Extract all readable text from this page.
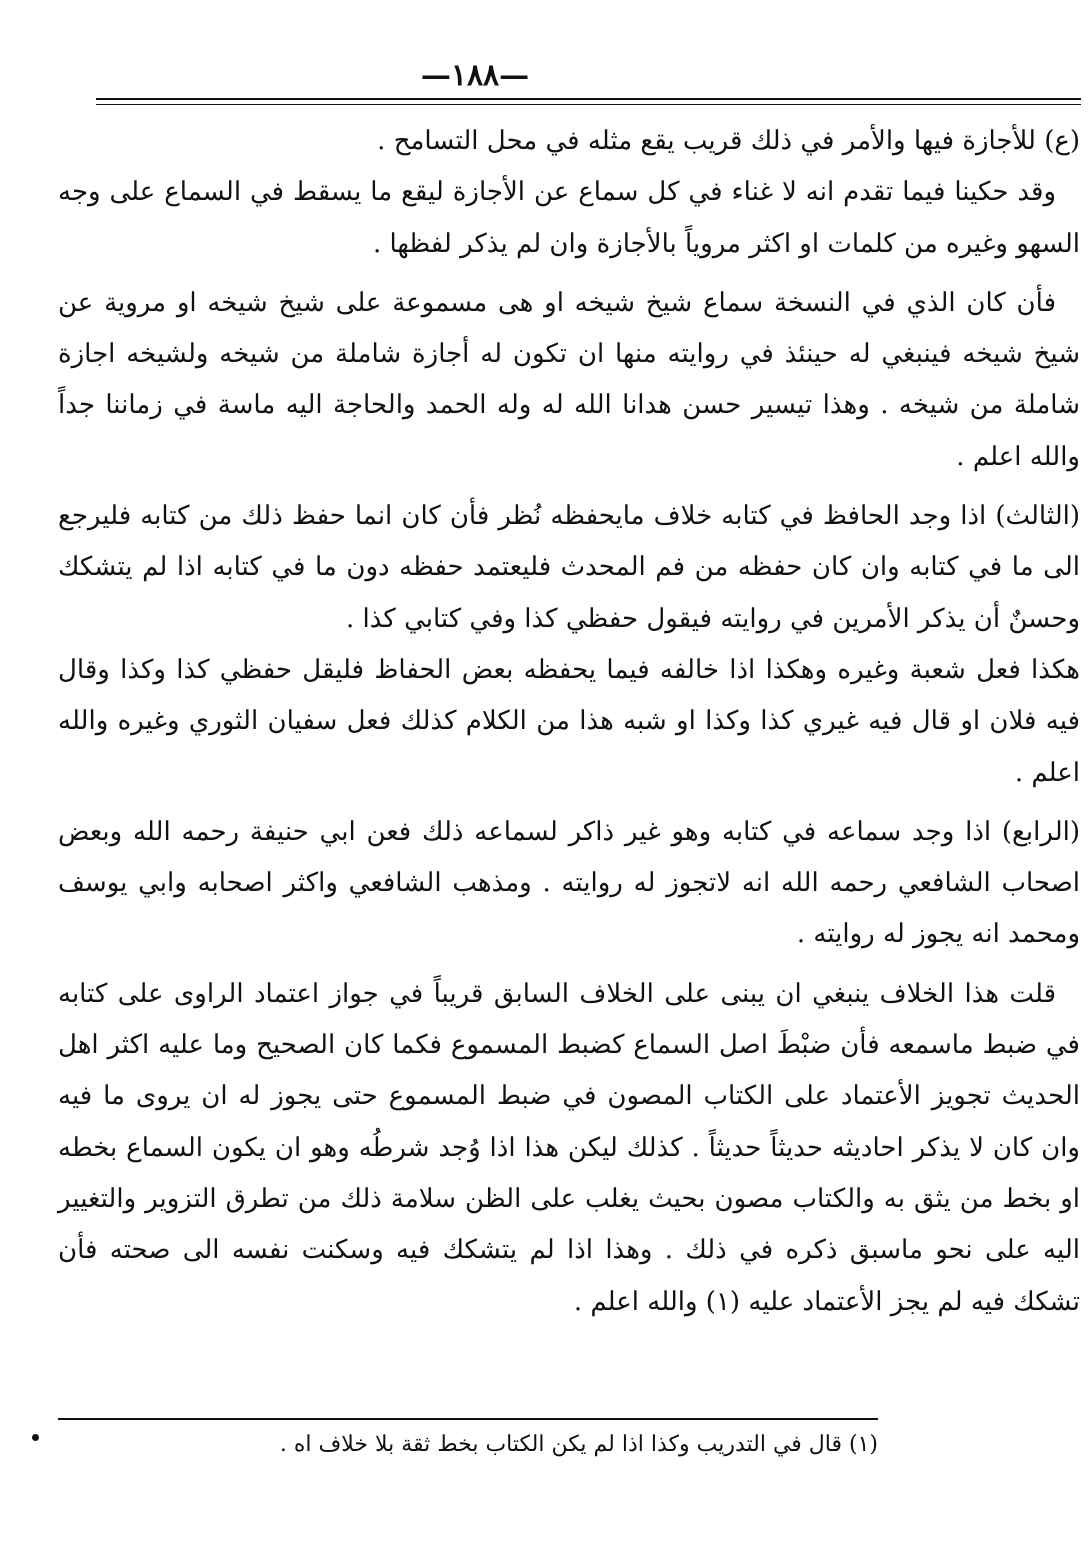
—١٨٨—

(ع) للأجازة فيها والأمر في ذلك قريب يقع مثله في محل التسامح .

وقد حكينا فيما تقدم انه لا غناء في كل سماع عن الأجازة ليقع ما يسقط في السماع على وجه السهو وغيره من كلمات او اكثر مروياً بالأجازة وان لم يذكر لفظها .

فأن كان الذي في النسخة سماع شيخ شيخه او هى مسموعة على شيخ شيخه او مروية عن شيخ شيخه فينبغي له حينئذ في روايته منها ان تكون له أجازة شاملة من شيخه ولشيخه اجازة شاملة من شيخه . وهذا تيسير حسن هدانا الله له وله الحمد والحاجة اليه ماسة في زماننا جداً والله اعلم .

(الثالث) اذا وجد الحافظ في كتابه خلاف مايحفظه نُظر فأن كان انما حفظ ذلك من كتابه فليرجع الى ما في كتابه وان كان حفظه من فم المحدث فليعتمد حفظه دون ما في كتابه اذا لم يتشكك وحسنٌ أن يذكر الأمرين في روايته فيقول حفظي كذا وفي كتابي كذا .

هكذا فعل شعبة وغيره وهكذا اذا خالفه فيما يحفظه بعض الحفاظ فليقل حفظي كذا وكذا وقال فيه فلان او قال فيه غيري كذا وكذا او شبه هذا من الكلام كذلك فعل سفيان الثوري وغيره والله اعلم .

(الرابع) اذا وجد سماعه في كتابه وهو غير ذاكر لسماعه ذلك فعن ابي حنيفة رحمه الله وبعض اصحاب الشافعي رحمه الله انه لاتجوز له روايته . ومذهب الشافعي واكثر اصحابه وابي يوسف ومحمد انه يجوز له روايته .

قلت هذا الخلاف ينبغي ان يبنى على الخلاف السابق قريباً في جواز اعتماد الراوى على كتابه في ضبط ماسمعه فأن ضبْطَ اصل السماع كضبط المسموع فكما كان الصحيح وما عليه اكثر اهل الحديث تجويز الأعتماد على الكتاب المصون في ضبط المسموع حتى يجوز له ان يروى ما فيه وان كان لا يذكر احاديثه حديثاً حديثاً . كذلك ليكن هذا اذا وُجد شرطُه وهو ان يكون السماع بخطه او بخط من يثق به والكتاب مصون بحيث يغلب على الظن سلامة ذلك من تطرق التزوير والتغيير اليه على نحو ماسبق ذكره في ذلك . وهذا اذا لم يتشكك فيه وسكنت نفسه الى صحته فأن تشكك فيه لم يجز الأعتماد عليه (١) والله اعلم .

(١) قال في التدريب وكذا اذا لم يكن الكتاب بخط ثقة بلا خلاف اه .
